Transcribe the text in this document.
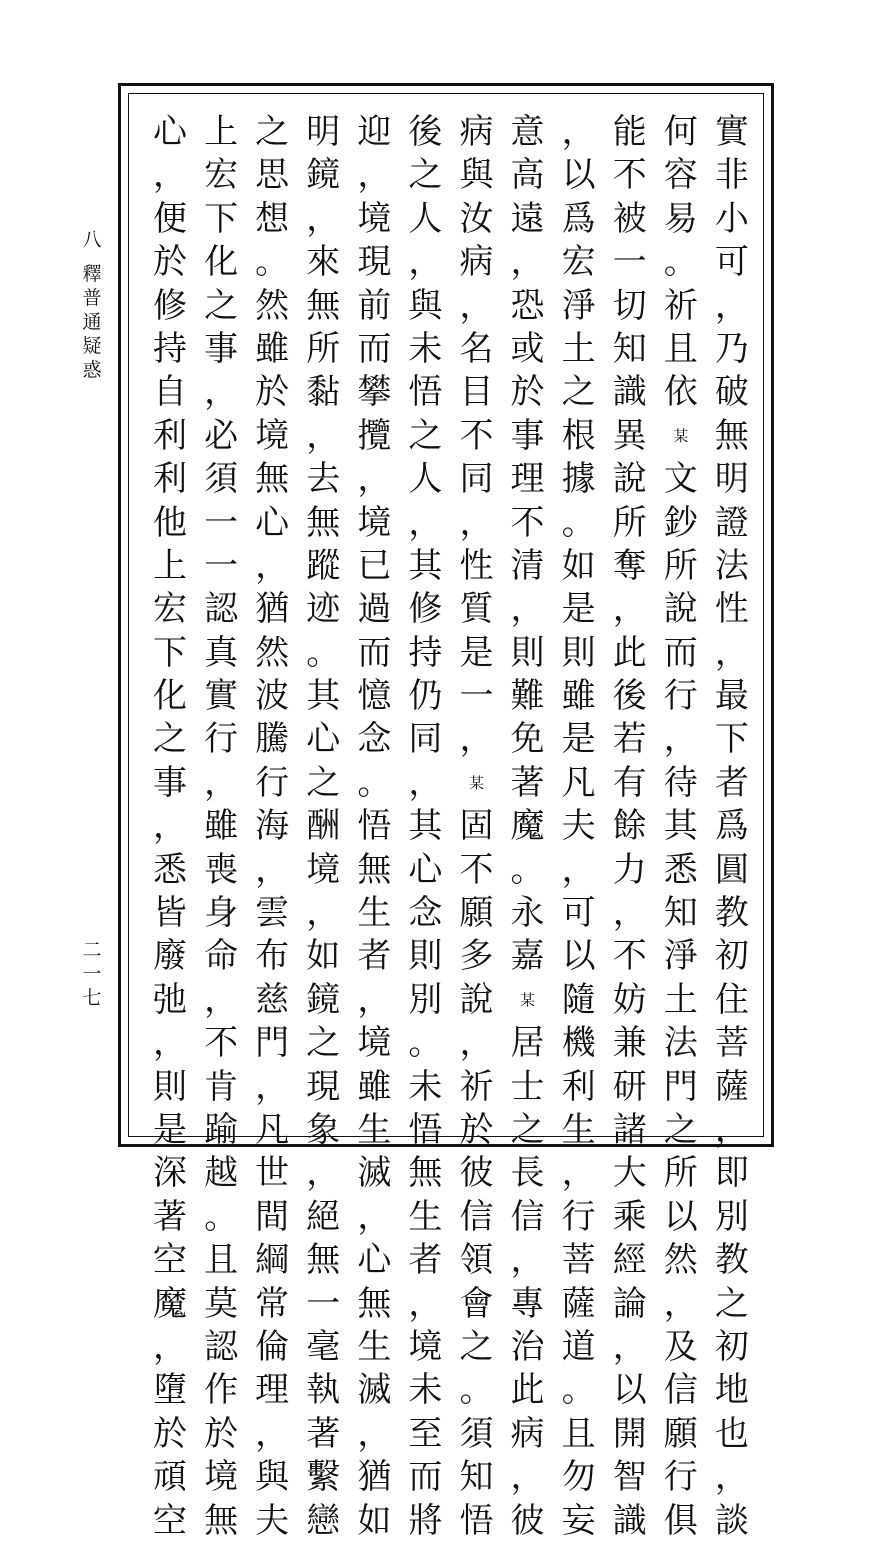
八
釋
普
通
疑
惑
二
一
七
實
非
小
可
，
乃
破
無
明
證
法
性
，
最
下
者
爲
圓
教
初
住
菩
薩
，
即
別
教
之
初
地
也
，
談
何
容
易
。
祈
且
依
某
文
鈔
所
說
而
行
，
待
其
悉
知
淨
土
法
門
之
所
以
然
，
及
信
願
行
俱
能
不
被
一
切
知
識
異
說
所
奪
，
此
後
若
有
餘
力
，
不
妨
兼
研
諸
大
乘
經
論
，
以
開
智
識
，
以
爲
宏
淨
土
之
根
據
。
如
是
則
雖
是
凡
夫
，
可
以
隨
機
利
生
，
行
菩
薩
道
。
且
勿
妄
意
高
遠
，
恐
或
於
事
理
不
清
，
則
難
免
著
魔
。
永
嘉
某
居
士
之
長
信
，
專
治
此
病
，
彼
病
與
汝
病
，
名
目
不
同
，
性
質
是
一
，
某
固
不
願
多
說
，
祈
於
彼
信
領
會
之
。
須
知
悟
後
之
人
，
與
未
悟
之
人
，
其
修
持
仍
同
，
其
心
念
則
別
。
未
悟
無
生
者
，
境
未
至
而
將
迎
，
境
現
前
而
攀
攬
，
境
已
過
而
憶
念
。
悟
無
生
者
，
境
雖
生
滅
，
心
無
生
滅
，
猶
如
明
鏡
，
來
無
所
黏
，
去
無
蹤
迹
。
其
心
之
酬
境
，
如
鏡
之
現
象
，
絕
無
一
毫
執
著
繫
戀
之
思
想
。
然
雖
於
境
無
心
，
猶
然
波
騰
行
海
，
雲
布
慈
門
，
凡
世
間
綱
常
倫
理
，
與
夫
上
宏
下
化
之
事
，
必
須
一
一
認
真
實
行
，
雖
喪
身
命
，
不
肯
踰
越
。
且
莫
認
作
於
境
無
心
，
便
於
修
持
自
利
利
他
上
宏
下
化
之
事
，
悉
皆
廢
弛
，
則
是
深
著
空
魔
，
墮
於
頑
空
